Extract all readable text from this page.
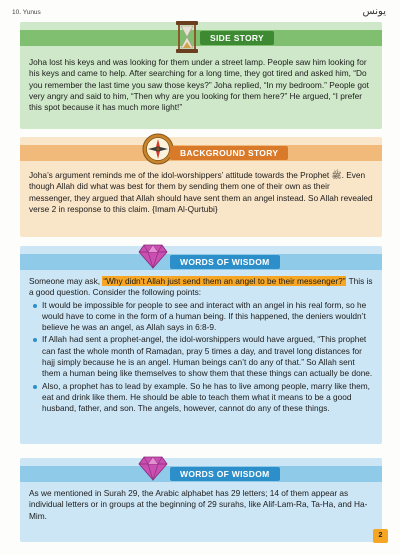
10. Yunus	يونس
SIDE STORY
Joha lost his keys and was looking for them under a street lamp. People saw him looking for his keys and came to help. After searching for a long time, they got tired and asked him, “Do you remember the last time you saw those keys?” Joha replied, “In my bedroom.” People got very angry and said to him, “Then why are you looking for them here?” He argued, “I prefer this spot because it has much more light!”
BACKGROUND STORY
Joha’s argument reminds me of the idol-worshippers’ attitude towards the Prophet ﷺ. Even though Allah did what was best for them by sending them one of their own as their messenger, they argued that Allah should have sent them an angel instead. So Allah revealed verse 2 in response to this claim. {Imam Al-Qurtubi}
WORDS OF WISDOM

Someone may ask, “Why didn’t Allah just send them an angel to be their messenger?” This is a good question. Consider the following points:

It would be impossible for people to see and interact with an angel in his real form, so he would have to come in the form of a human being. If this happened, the deniers wouldn’t believe he was an angel, as Allah says in 6:8-9.
If Allah had sent a prophet-angel, the idol-worshippers would have argued, “This prophet can fast the whole month of Ramaḍan, pray 5 times a day, and travel long distances for hajj simply because he is an angel. Human beings can’t do any of that.” So Allah sent them a human being like themselves to show them that these things can actually be done.
Also, a prophet has to lead by example. So he has to live among people, marry like them, eat and drink like them. He should be able to teach them what it means to be a good husband, father, and son. The angels, however, cannot do any of these things.
WORDS OF WISDOM
As we mentioned in Surah 29, the Arabic alphabet has 29 letters; 14 of them appear as individual letters or in groups at the beginning of 29 surahs, like Alif-Lam-Ra, Ta-Ha, and Ha-Mim.
2
